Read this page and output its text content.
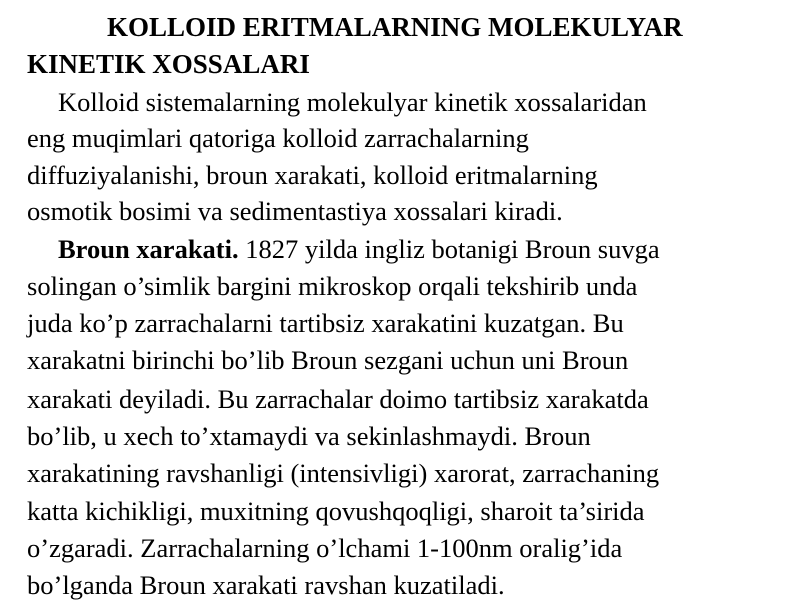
KOLLOID ERITMALARNING MOLEKULYAR
KINETIK XOSSALARI
Kolloid sistemalarning molekulyar kinetik xossalaridan
eng muqimlari qatoriga kolloid zarrachalarning
diffuziyalanishi, broun xarakati, kolloid eritmalarning
osmotik bosimi va sedimentastiya xossalari kiradi.
Broun xarakati. 1827 yilda ingliz botanigi Broun suvga
solingan o’simlik bargini mikroskop orqali tekshirib unda
juda ko’p zarrachalarni tartibsiz xarakatini kuzatgan. Bu
xarakatni birinchi bo’lib Broun sezgani uchun uni Broun
xarakati deyiladi. Bu zarrachalar doimo tartibsiz xarakatda
bo’lib, u xech to’xtamaydi va sekinlashmaydi. Broun
xarakatining ravshanligi (intensivligi) xarorat, zarrachaning
katta kichikligi, muxitning qovushqoqligi, sharoit ta’sirida
o’zgaradi. Zarrachalarning o’lchami 1-100nm oralig’ida
bo’lganda Broun xarakati ravshan kuzatiladi.
